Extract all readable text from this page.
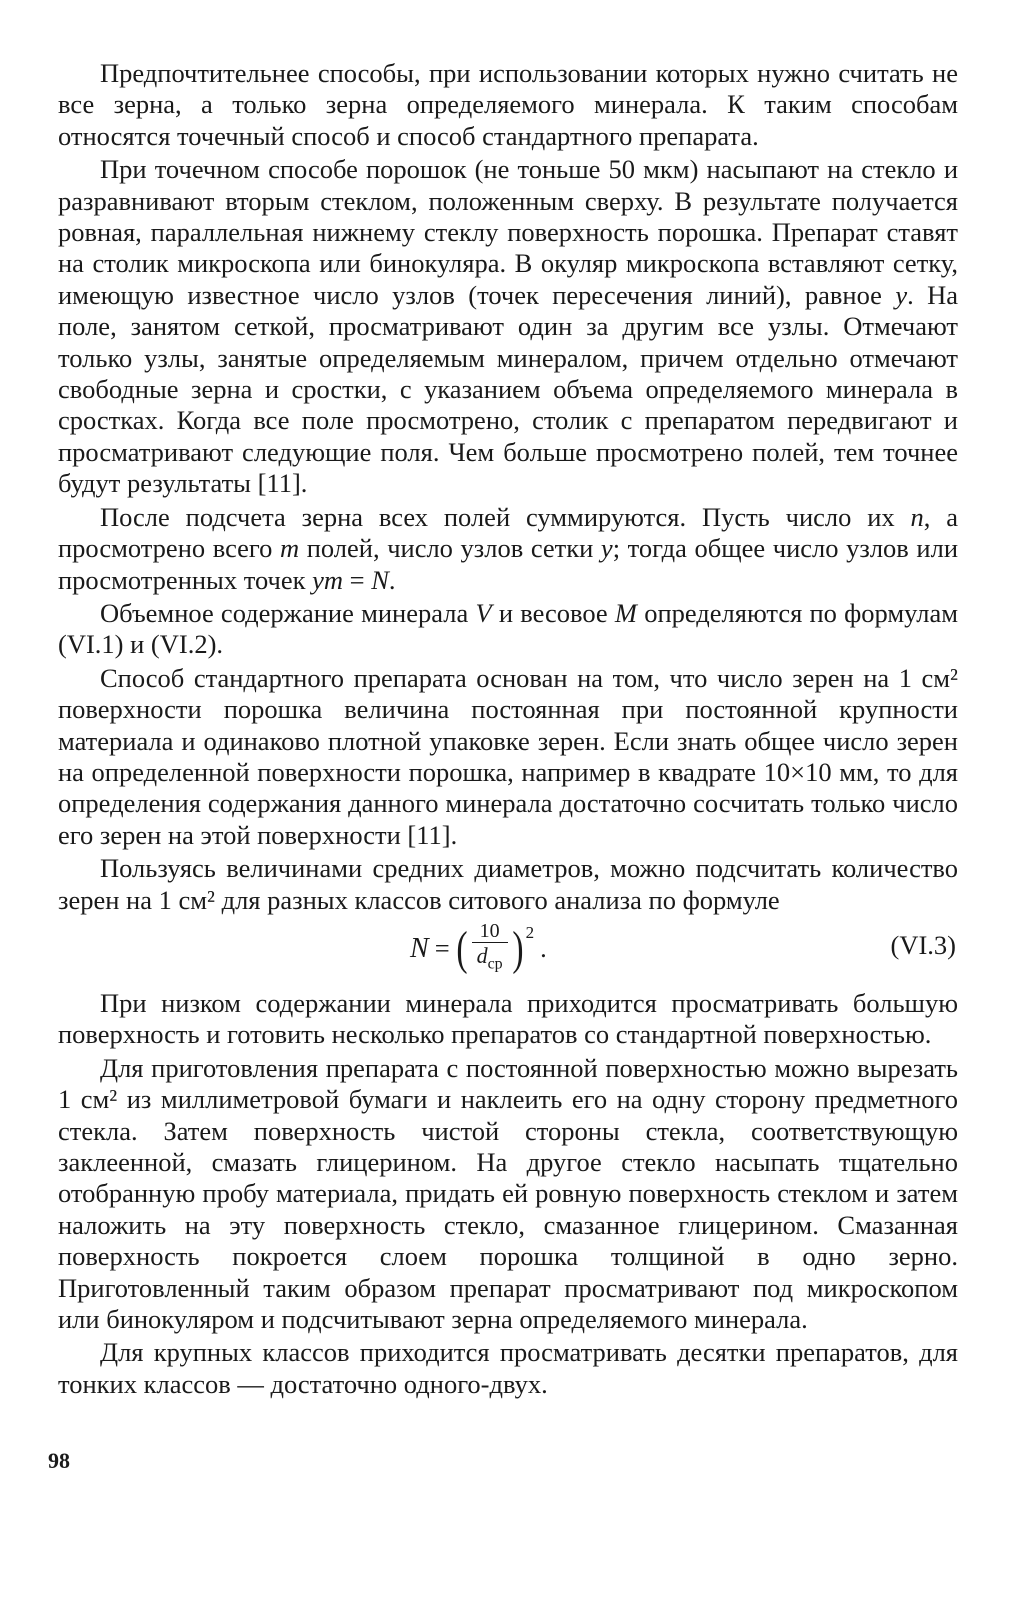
Предпочтительнее способы, при использовании которых нужно считать не все зерна, а только зерна определяемого минерала. К таким способам относятся точечный способ и способ стандартного препарата.

При точечном способе порошок (не тоньше 50 мкм) насыпают на стекло и разравнивают вторым стеклом, положенным сверху. В результате получается ровная, параллельная нижнему стеклу поверхность порошка. Препарат ставят на столик микроскопа или бинокуляра. В окуляр микроскопа вставляют сетку, имеющую известное число узлов (точек пересечения линий), равное у. На поле, занятом сеткой, просматривают один за другим все узлы. Отмечают только узлы, занятые определяемым минералом, причем отдельно отмечают свободные зерна и сростки, с указанием объема определяемого минерала в сростках. Когда все поле просмотрено, столик с препаратом передвигают и просматривают следующие поля. Чем больше просмотрено полей, тем точнее будут результаты [11].

После подсчета зерна всех полей суммируются. Пусть число их n, а просмотрено всего m полей, число узлов сетки у; тогда общее число узлов или просмотренных точек уm = N.

Объемное содержание минерала V и весовое М определяются по формулам (VI.1) и (VI.2).

Способ стандартного препарата основан на том, что число зерен на 1 см² поверхности порошка величина постоянная при постоянной крупности материала и одинаково плотной упаковке зерен. Если знать общее число зерен на определенной поверхности порошка, например в квадрате 10×10 мм, то для определения содержания данного минерала достаточно сосчитать только число его зерен на этой поверхности [11].

Пользуясь величинами средних диаметров, можно подсчитать количество зерен на 1 см² для разных классов ситового анализа по формуле

N = ( $\frac{10}{d_{ср}}$ ) 2
.	(VI.3)

При низком содержании минерала приходится просматривать большую поверхность и готовить несколько препаратов со стандартной поверхностью.

Для приготовления препарата с постоянной поверхностью можно вырезать 1 см² из миллиметровой бумаги и наклеить его на одну сторону предметного стекла. Затем поверхность чистой стороны стекла, соответствующую заклеенной, смазать глицерином. На другое стекло насыпать тщательно отобранную пробу материала, придать ей ровную поверхность стеклом и затем наложить на эту поверхность стекло, смазанное глицерином. Смазанная поверхность покроется слоем порошка толщиной в одно зерно. Приготовленный таким образом препарат просматривают под микроскопом или бинокуляром и подсчитывают зерна определяемого минерала.

Для крупных классов приходится просматривать десятки препаратов, для тонких классов — достаточно одного-двух.

98
